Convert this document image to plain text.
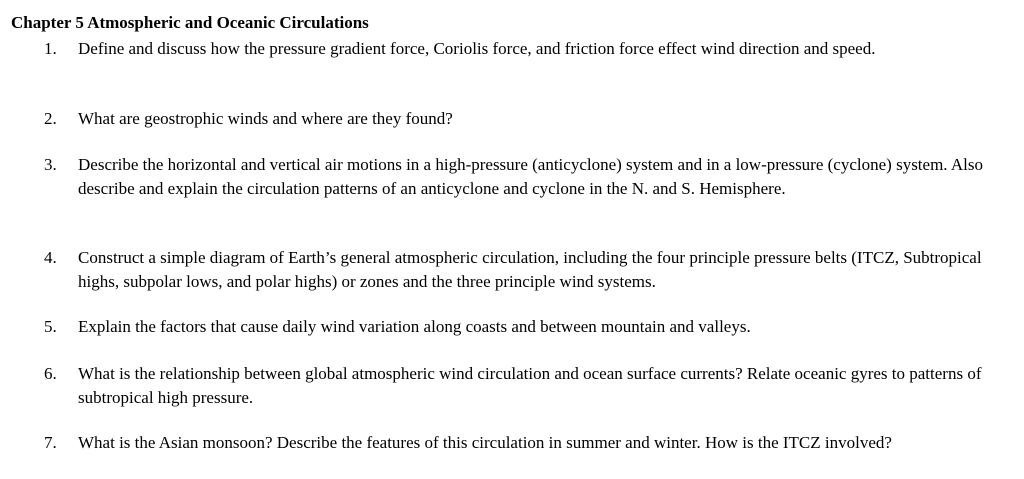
Chapter 5 Atmospheric and Oceanic Circulations
1. Define and discuss how the pressure gradient force, Coriolis force, and friction force effect wind direction and speed.
2. What are geostrophic winds and where are they found?
3. Describe the horizontal and vertical air motions in a high-pressure (anticyclone) system and in a low-pressure (cyclone) system. Also describe and explain the circulation patterns of an anticyclone and cyclone in the N. and S. Hemisphere.
4. Construct a simple diagram of Earth’s general atmospheric circulation, including the four principle pressure belts (ITCZ, Subtropical highs, subpolar lows, and polar highs) or zones and the three principle wind systems.
5. Explain the factors that cause daily wind variation along coasts and between mountain and valleys.
6. What is the relationship between global atmospheric wind circulation and ocean surface currents? Relate oceanic gyres to patterns of subtropical high pressure.
7. What is the Asian monsoon? Describe the features of this circulation in summer and winter. How is the ITCZ involved?
